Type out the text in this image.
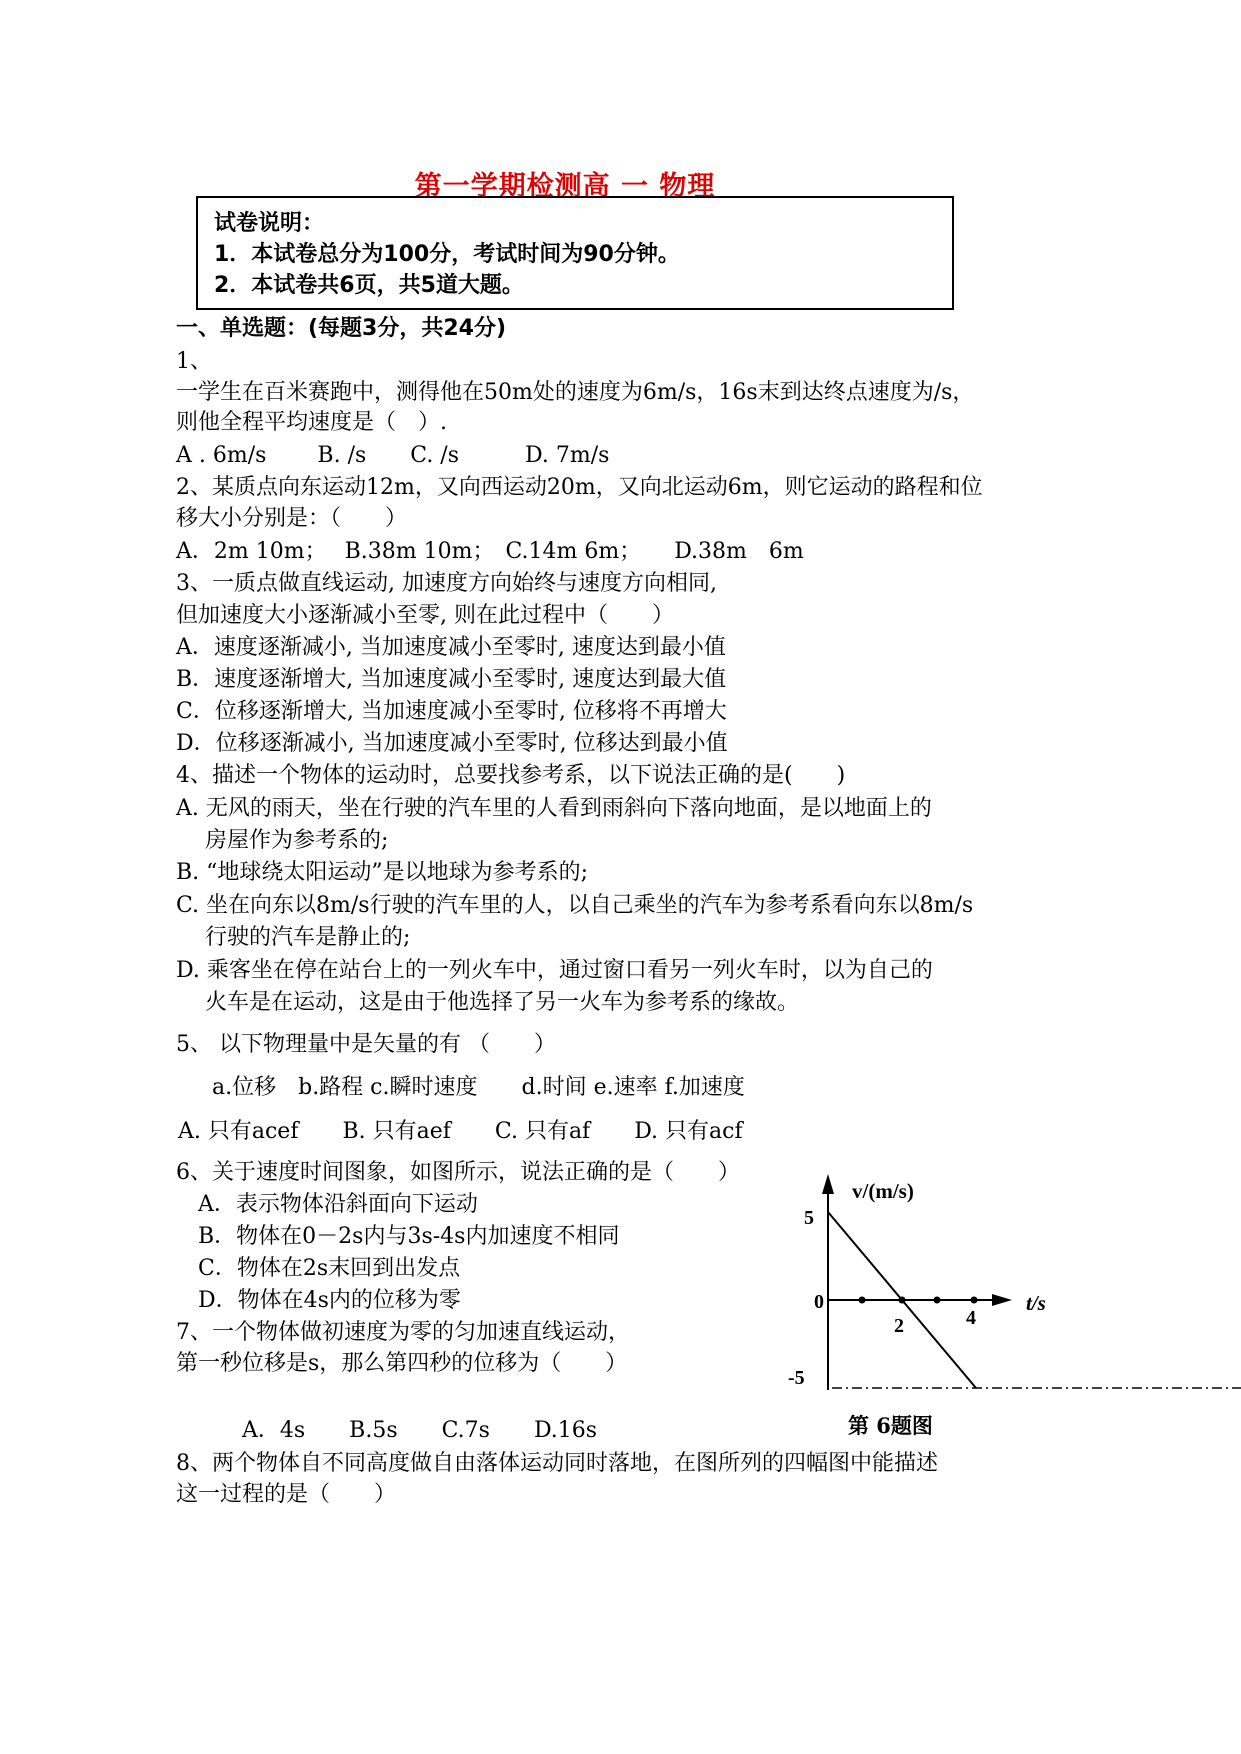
第一学期检测高 一 物理
试卷说明：
1．本试卷总分为100分，考试时间为90分钟。
2．本试卷共6页，共5道大题。
一、单选题：(每题3分，共24分)
1、
一学生在百米赛跑中，测得他在50m处的速度为6m/s，16s末到达终点速度为/s，
则他全程平均速度是（　）.
A . 6m/s　　 B. /s　　C. /s　　　D. 7m/s
2、某质点向东运动12m，又向西运动20m，又向北运动6m，则它运动的路程和位
移大小分别是：（　　）
A．2m 10m；　 B.38m 10m；　C.14m 6m；　　D.38m　6m
3、一质点做直线运动, 加速度方向始终与速度方向相同,
但加速度大小逐渐减小至零, 则在此过程中（　　）
A．速度逐渐减小, 当加速度减小至零时, 速度达到最小值
B．速度逐渐增大, 当加速度减小至零时, 速度达到最大值
C．位移逐渐增大, 当加速度减小至零时, 位移将不再增大
D．位移逐渐减小, 当加速度减小至零时, 位移达到最小值
4、描述一个物体的运动时，总要找参考系，以下说法正确的是(　　)
A. 无风的雨天，坐在行驶的汽车里的人看到雨斜向下落向地面，是以地面上的
　 房屋作为参考系的;
B. “地球绕太阳运动”是以地球为参考系的;
C. 坐在向东以8m/s行驶的汽车里的人，以自己乘坐的汽车为参考系看向东以8m/s
　 行驶的汽车是静止的;
D. 乘客坐在停在站台上的一列火车中，通过窗口看另一列火车时，以为自己的
　 火车是在运动，这是由于他选择了另一火车为参考系的缘故。
5、 以下物理量中是矢量的有 （　　）
a.位移　b.路程 c.瞬时速度　　d.时间 e.速率 f.加速度
A. 只有acef　　B. 只有aef　　C. 只有af　　D. 只有acf
6、关于速度时间图象，如图所示，说法正确的是（　　）
A．表示物体沿斜面向下运动
B．物体在0－2s内与3s-4s内加速度不相同
C．物体在2s末回到出发点
D．物体在4s内的位移为零
7、一个物体做初速度为零的匀加速直线运动，
第一秒位移是s，那么第四秒的位移为（　　）
A．4s　　B.5s　　C.7s　　D.16s
8、两个物体自不同高度做自由落体运动同时落地，在图所列的四幅图中能描述
这一过程的是（　　）
v/(m/s)
t/s
5
0
-5
2	4
第 6题图
